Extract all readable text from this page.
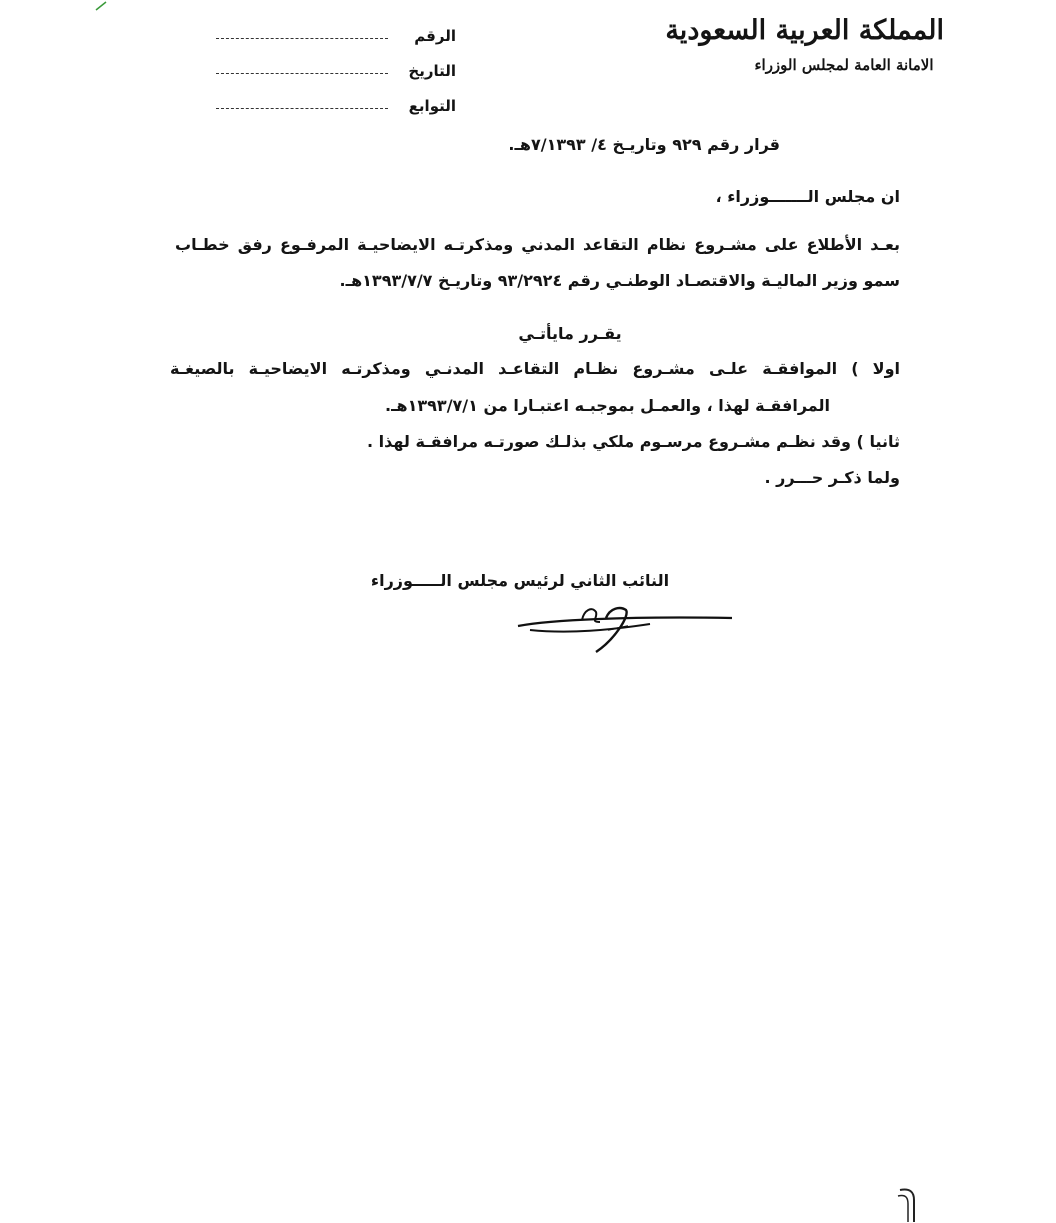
المملكة العربية السعودية
الامانة العامة لمجلس الوزراء
الرقم
التاريخ
التوابع
قرار رقم ٩٢٩ وتاريـخ ٤/ ٧/١٣٩٣هـ.
ان مجلس الـــــــوزراء ،
بعـد الأطلاع على مشـروع نظام التقاعد المدني ومذكرتـه الايضاحيـة المرفـوع رفق خطـاب
سمو وزير الماليـة والاقتصـاد الوطنـي رقم ٩٣/٢٩٢٤ وتاريـخ ١٣٩٣/٧/٧هـ.
يقـرر مايأتـي
اولا ) الموافقـة علـى مشـروع نظـام التقاعـد المدنـي ومذكرتـه الايضاحيـة بالصيغـة
المرافقـة لهذا ، والعمـل بموجبـه اعتبـارا من ١٣٩٣/٧/١هـ.
ثانيا ) وقد نظـم مشـروع مرسـوم ملكي بذلـك صورتـه مرافقـة لهذا .
ولما ذكـر حـــرر .
النائب الثاني لرئيس مجلس الـــــوزراء
